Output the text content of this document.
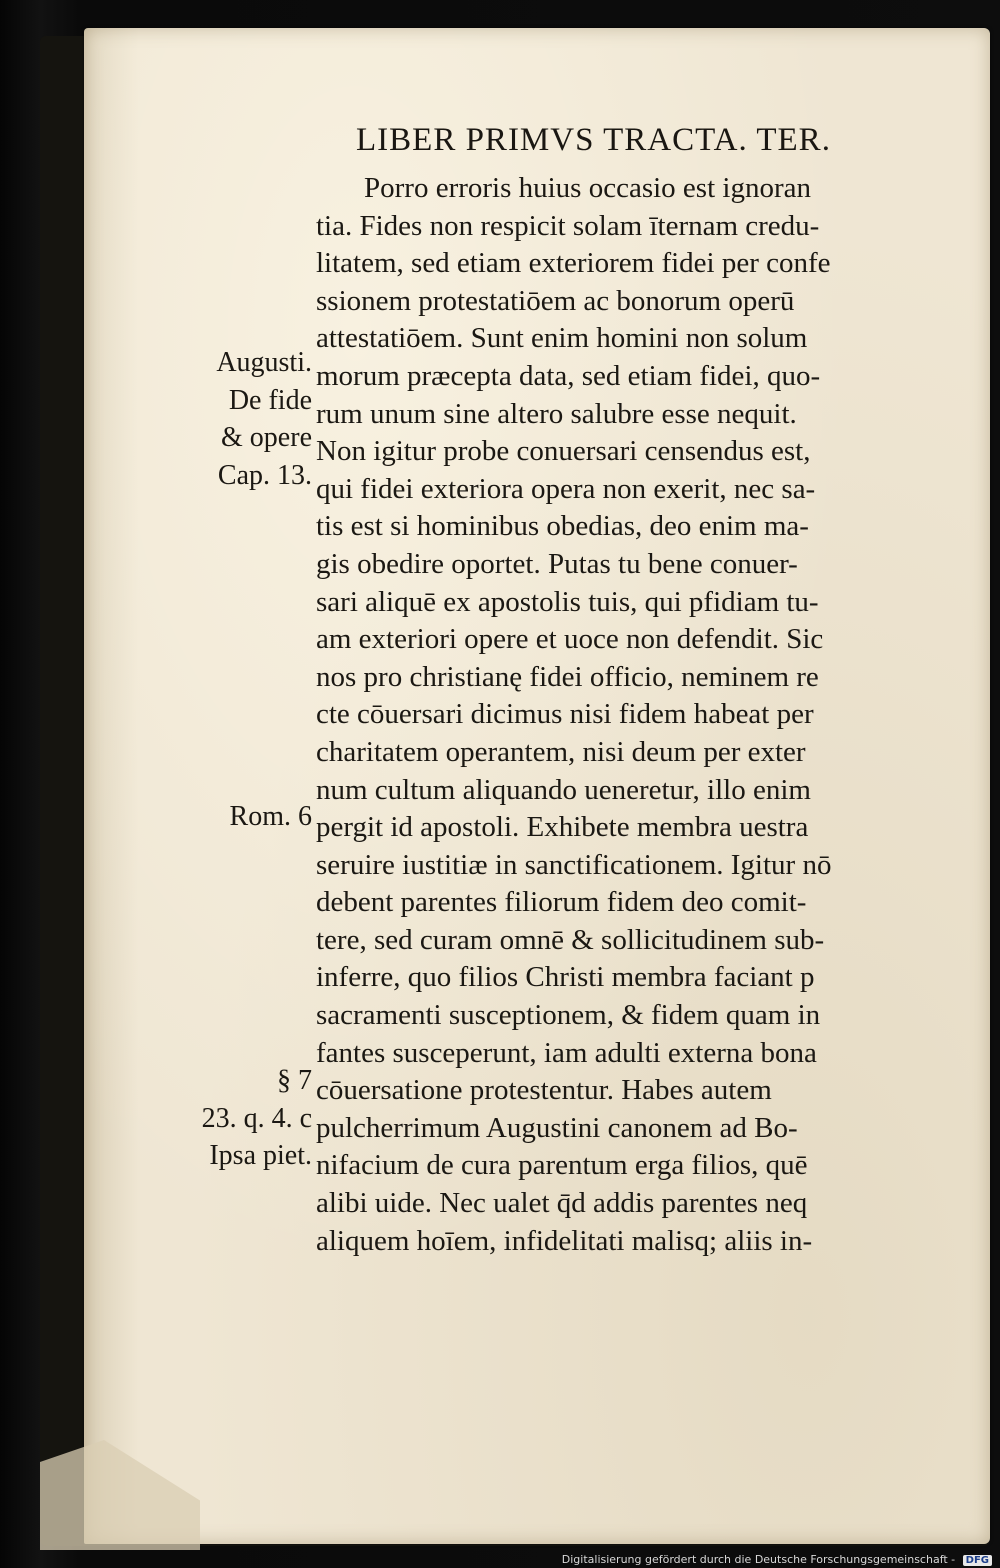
LIBER PRIMVS TRACTA. TER.
Porro erroris huius occasio est ignoran
tia. Fides non respicit solam īternam credu-
litatem, sed etiam exteriorem fidei per confe
ssionem protestatiōem ac bonorum operū
attestatiōem. Sunt enim homini non solum
morum præcepta data, sed etiam fidei, quo-
rum unum sine altero salubre esse nequit.
Non igitur probe conuersari censendus est,
qui fidei exteriora opera non exerit, nec sa-
tis est si hominibus obedias, deo enim ma-
gis obedire oportet. Putas tu bene conuer-
sari aliquē ex apostolis tuis, qui pfidiam tu-
am exteriori opere et uoce non defendit. Sic
nos pro christianę fidei officio, neminem re
cte cōuersari dicimus nisi fidem habeat per
charitatem operantem, nisi deum per exter
num cultum aliquando ueneretur, illo enim
pergit id apostoli. Exhibete membra uestra
seruire iustitiæ in sanctificationem. Igitur nō
debent parentes filiorum fidem deo comit-
tere, sed curam omnē & sollicitudinem sub-
inferre, quo filios Christi membra faciant p
sacramenti susceptionem, & fidem quam in
fantes susceperunt, iam adulti externa bona
cōuersatione protestentur. Habes autem
pulcherrimum Augustini canonem ad Bo-
nifacium de cura parentum erga filios, quē
alibi uide. Nec ualet q̄d addis parentes neq
aliquem hoīem, infidelitati malisq; aliis in-
Augusti.
De fide
& opere
Cap. 13.
Rom. 6
§ 7
23. q. 4. c
Ipsa piet.
Digitalisierung gefördert durch die Deutsche Forschungsgemeinschaft - DFG
